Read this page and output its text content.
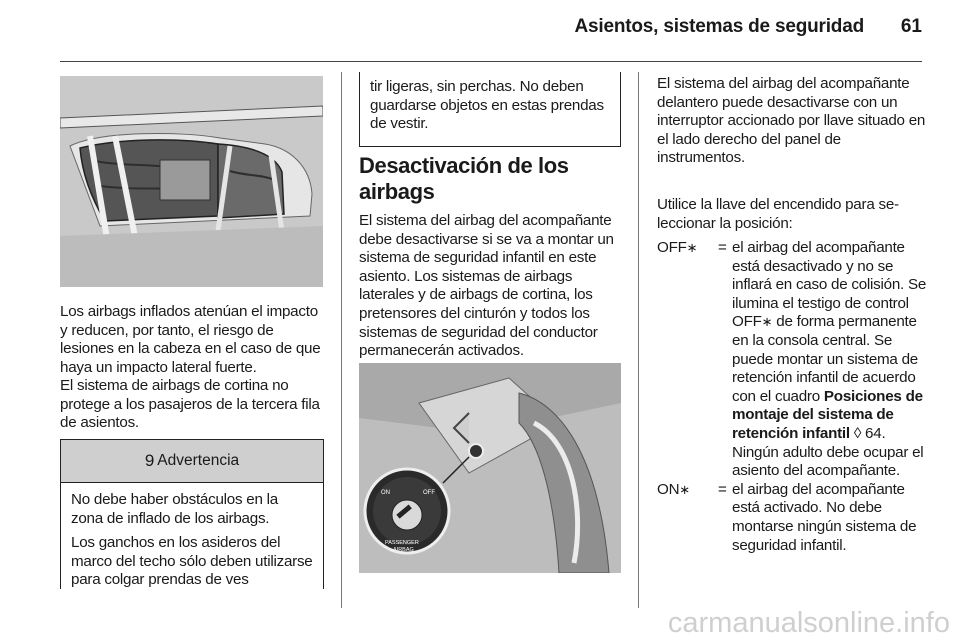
Asientos, sistemas de seguridad 61

Los airbags inflados atenúan el impacto y reducen, por tanto, el riesgo de lesiones en la cabeza en el caso de que haya un impacto lateral fuerte.

El sistema de airbags de cortina no protege a los pasajeros de la tercera fila de asientos.

9 Advertencia

No debe haber obstáculos en la zona de inflado de los airbags.

Los ganchos en los asideros del marco del techo sólo deben utilizarse para colgar prendas de ves

tir ligeras, sin perchas. No deben guardarse objetos en estas prendas de vestir.
Desactivación de los airbags

El sistema del airbag del acompañante debe desactivarse si se va a montar un sistema de seguridad infantil en este asiento. Los sistemas de airbags laterales y de airbags de cortina, los pretensores del cinturón y todos los sistemas de seguridad del conductor permanecerán activados.

ON	OFF
PASSENGER
AIRBAG

El sistema del airbag del acompañante delantero puede desactivarse con un interruptor accionado por llave situado en el lado derecho del panel de instrumentos.

Utilice la llave del encendido para seleccionar la posición:

OFF∗	= el airbag del acompañante está desactivado y no se inflará en caso de colisión. Se ilumina el testigo de control OFF∗ de forma permanente en la consola central. Se puede montar un sistema de retención infantil de acuerdo con el cuadro Posiciones de montaje del sistema de retención infantil ◊ 64.
Ningún adulto debe ocupar el asiento del acompañante.
ON∗	= el airbag del acompañante está activado. No debe montarse ningún sistema de seguridad infantil.
carmanualsonline.info
